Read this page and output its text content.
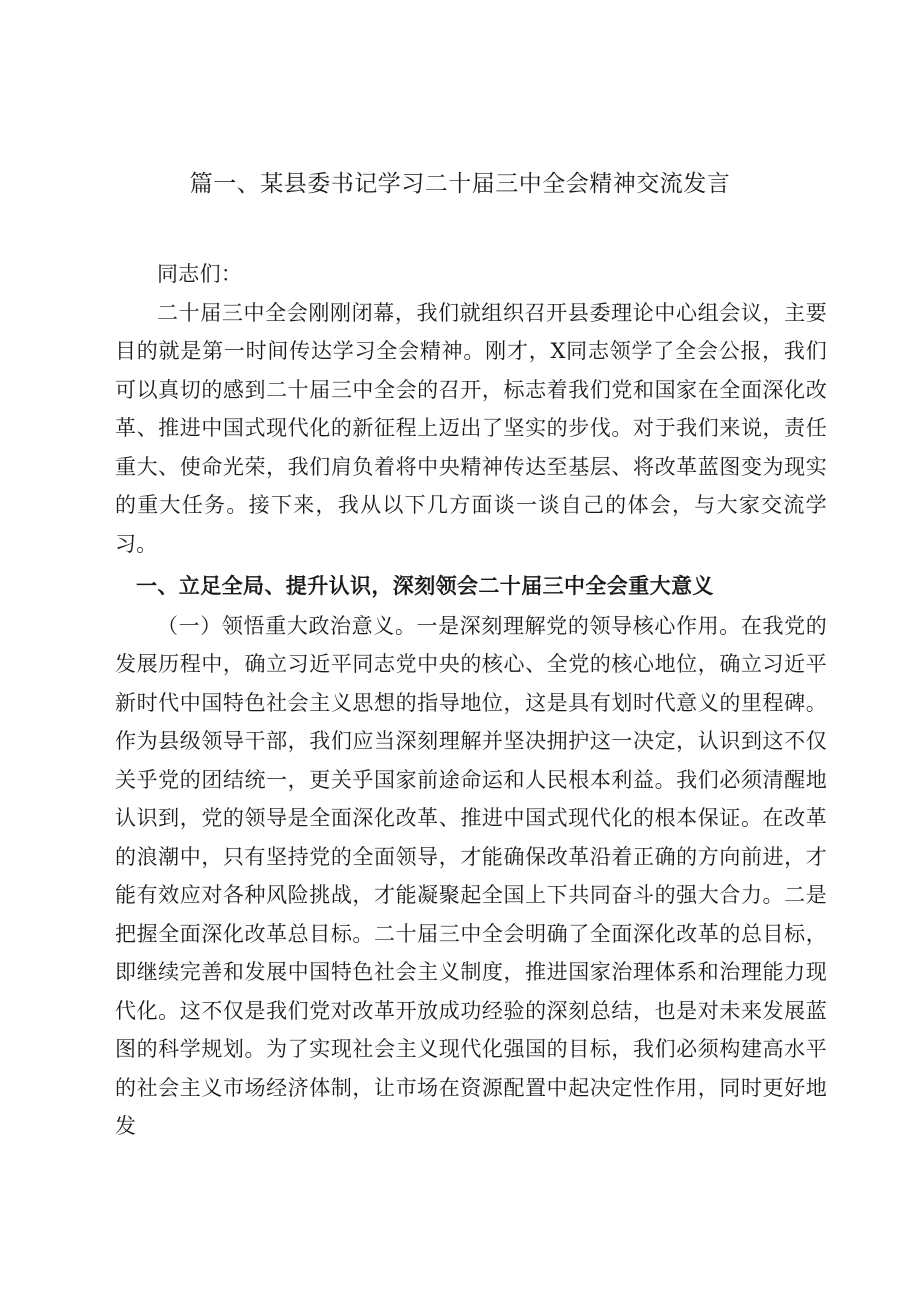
篇一、某县委书记学习二十届三中全会精神交流发言

同志们：

二十届三中全会刚刚闭幕，我们就组织召开县委理论中心组会议，主要目的就是第一时间传达学习全会精神。刚才，X同志领学了全会公报，我们可以真切的感到二十届三中全会的召开，标志着我们党和国家在全面深化改革、推进中国式现代化的新征程上迈出了坚实的步伐。对于我们来说，责任重大、使命光荣，我们肩负着将中央精神传达至基层、将改革蓝图变为现实的重大任务。接下来，我从以下几方面谈一谈自己的体会，与大家交流学习。

一、立足全局、提升认识，深刻领会二十届三中全会重大意义

（一）领悟重大政治意义。一是深刻理解党的领导核心作用。在我党的发展历程中，确立习近平同志党中央的核心、全党的核心地位，确立习近平新时代中国特色社会主义思想的指导地位，这是具有划时代意义的里程碑。作为县级领导干部，我们应当深刻理解并坚决拥护这一决定，认识到这不仅关乎党的团结统一，更关乎国家前途命运和人民根本利益。我们必须清醒地认识到，党的领导是全面深化改革、推进中国式现代化的根本保证。在改革的浪潮中，只有坚持党的全面领导，才能确保改革沿着正确的方向前进，才能有效应对各种风险挑战，才能凝聚起全国上下共同奋斗的强大合力。二是把握全面深化改革总目标。二十届三中全会明确了全面深化改革的总目标，即继续完善和发展中国特色社会主义制度，推进国家治理体系和治理能力现代化。这不仅是我们党对改革开放成功经验的深刻总结，也是对未来发展蓝图的科学规划。为了实现社会主义现代化强国的目标，我们必须构建高水平的社会主义市场经济体制，让市场在资源配置中起决定性作用，同时更好地发
